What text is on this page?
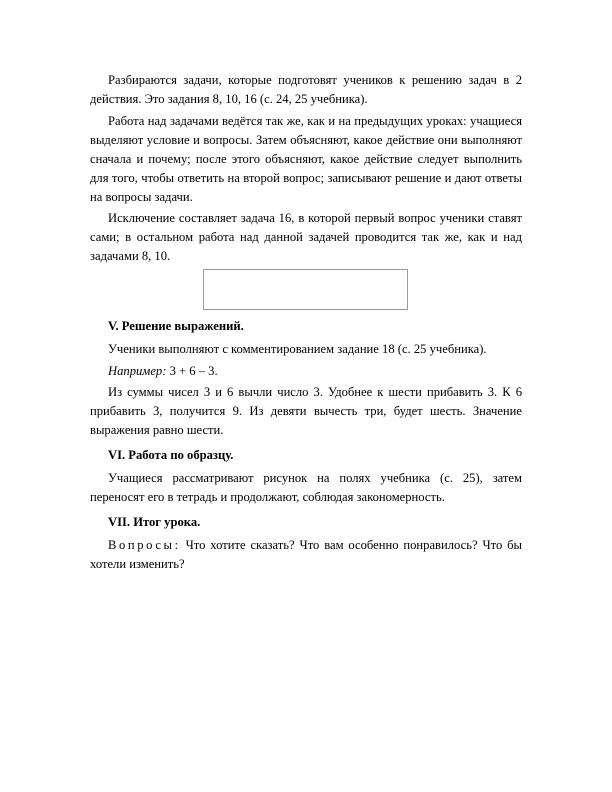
Разбираются задачи, которые подготовят учеников к решению задач в 2 действия. Это задания 8, 10, 16 (с. 24, 25 учебника).

Работа над задачами ведётся так же, как и на предыдущих уроках: учащиеся выделяют условие и вопросы. Затем объясняют, какое действие они выполняют сначала и почему; после этого объясняют, какое действие следует выполнить для того, чтобы ответить на второй вопрос; записывают решение и дают ответы на вопросы задачи.

Исключение составляет задача 16, в которой первый вопрос ученики ставят сами; в остальном работа над данной задачей проводится так же, как и над задачами 8, 10.

V. Решение выражений.

Ученики выполняют с комментированием задание 18 (с. 25 учебника).

Например: 3 + 6 – 3.

Из суммы чисел 3 и 6 вычли число 3. Удобнее к шести прибавить 3. К 6 прибавить 3, получится 9. Из девяти вычесть три, будет шесть. Значение выражения равно шести.

VI. Работа по образцу.

Учащиеся рассматривают рисунок на полях учебника (с. 25), затем переносят его в тетрадь и продолжают, соблюдая закономерность.

VII. Итог урока.

Вопросы: Что хотите сказать? Что вам особенно понравилось? Что бы хотели изменить?
